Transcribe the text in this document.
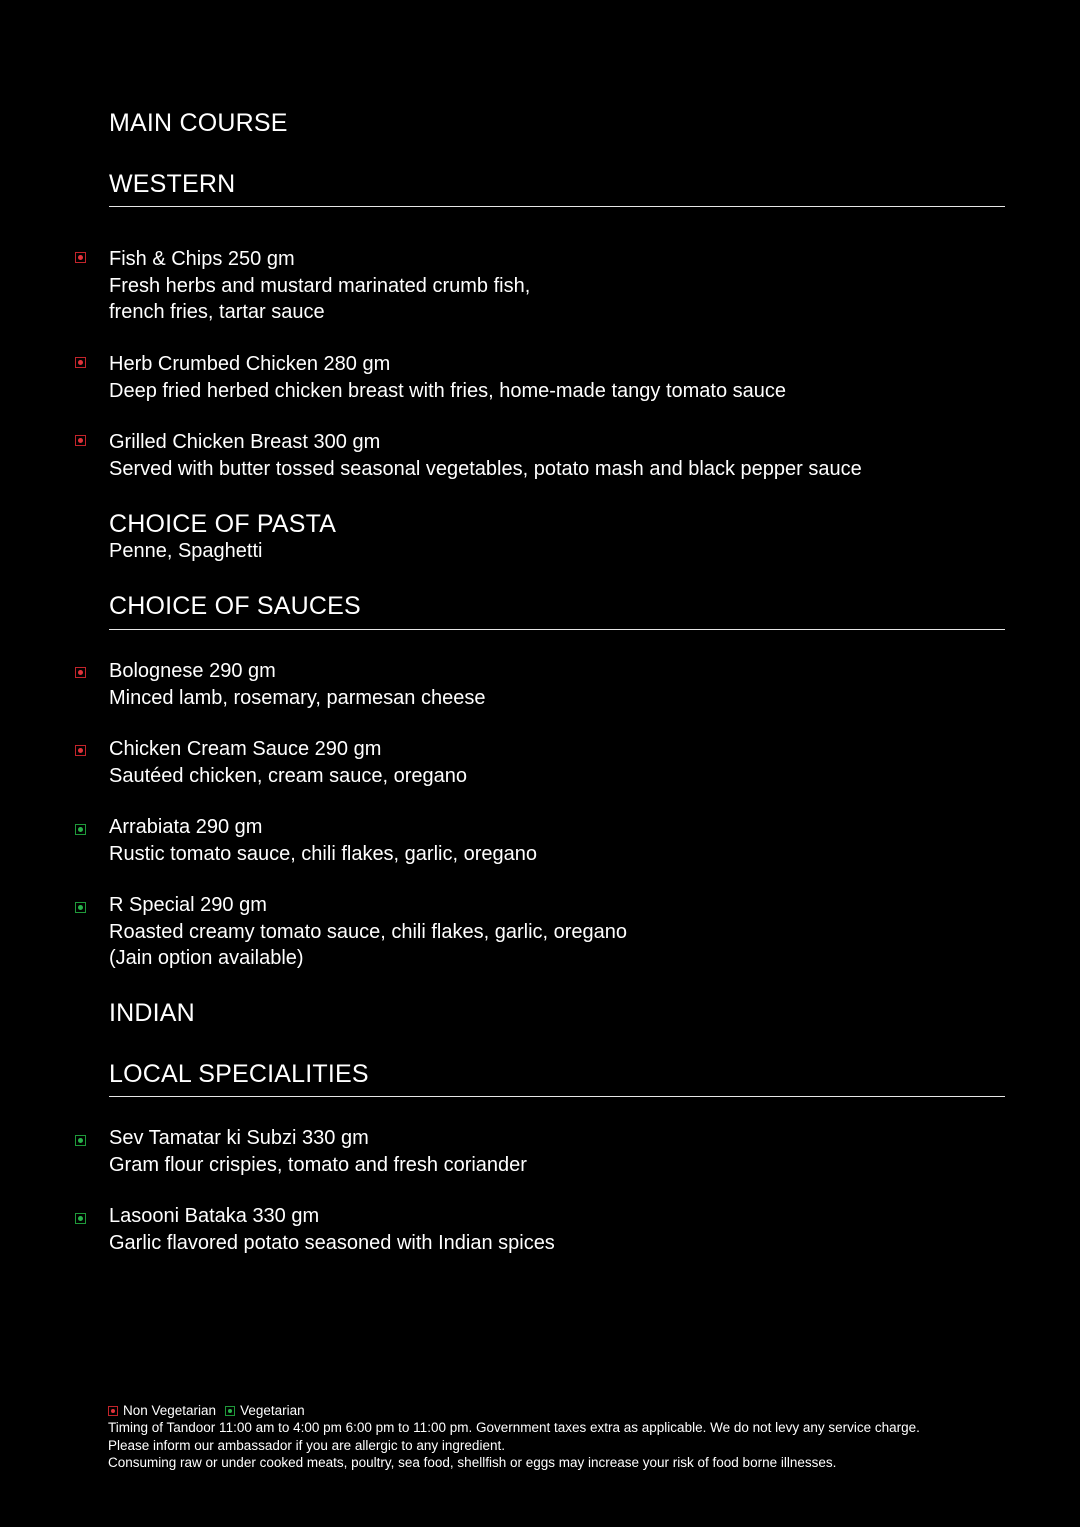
MAIN COURSE
WESTERN
Fish & Chips 250 gm
Fresh herbs and mustard marinated crumb fish,
french fries, tartar sauce
Herb Crumbed Chicken 280 gm
Deep fried herbed chicken breast with fries, home-made tangy tomato sauce
Grilled Chicken Breast 300 gm
Served with butter tossed seasonal vegetables, potato mash and black pepper sauce
CHOICE OF PASTA
Penne, Spaghetti
CHOICE OF SAUCES
Bolognese 290 gm
Minced lamb, rosemary, parmesan cheese
Chicken Cream Sauce 290 gm
Sautéed chicken, cream sauce, oregano
Arrabiata 290 gm
Rustic tomato sauce, chili flakes, garlic, oregano
R Special 290 gm
Roasted creamy tomato sauce, chili flakes, garlic, oregano
(Jain option available)
INDIAN
LOCAL SPECIALITIES
Sev Tamatar ki Subzi 330 gm
Gram flour crispies, tomato and fresh coriander
Lasooni Bataka 330 gm
Garlic flavored potato seasoned with Indian spices
Non Vegetarian Vegetarian
Timing of Tandoor 11:00 am to 4:00 pm 6:00 pm to 11:00 pm. Government taxes extra as applicable. We do not levy any service charge.
Please inform our ambassador if you are allergic to any ingredient.
Consuming raw or under cooked meats, poultry, sea food, shellfish or eggs may increase your risk of food borne illnesses.
